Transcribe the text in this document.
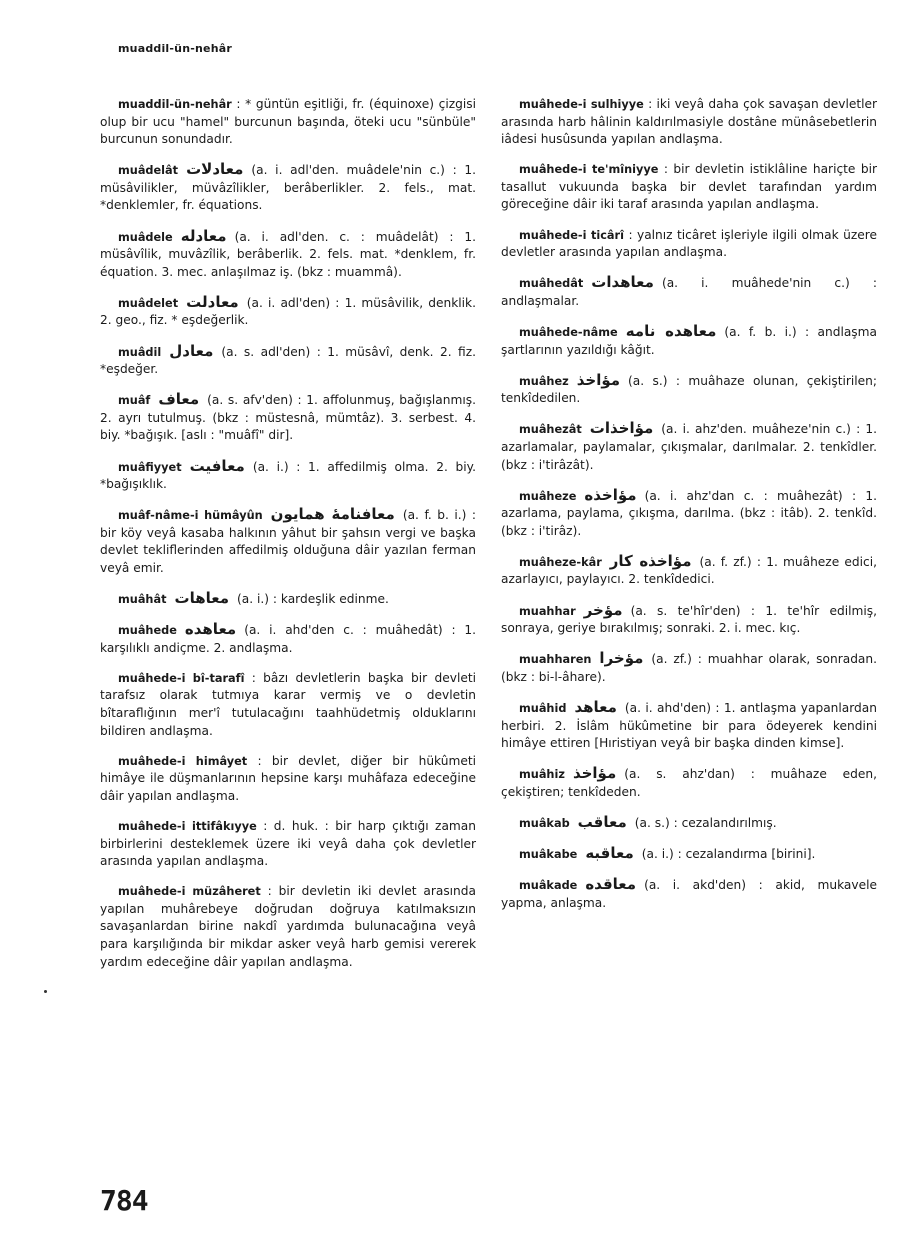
muaddil-ün-nehâr

muaddil-ün-nehâr : * güntün eşitliği, fr. (équinoxe) çizgisi olup bir ucu "hamel" burcunun başında, öteki ucu "sünbüle" burcunun sonundadır.

muâdelât معادلات (a. i. adl'den. muâdele'nin c.) : 1. müsâvilikler, müvâzîlikler, berâberlikler. 2. fels., mat. *denklemler, fr. équations.

muâdele معادله (a. i. adl'den. c. : muâdelât) : 1. müsâvîlik, muvâzîlik, berâberlik. 2. fels. mat. *denklem, fr. équation. 3. mec. anlaşılmaz iş. (bkz : muammâ).

muâdelet معادلت (a. i. adl'den) : 1. müsâvilik, denklik. 2. geo., fiz. * eşdeğerlik.

muâdil معادل (a. s. adl'den) : 1. müsâvî, denk. 2. fiz. *eşdeğer.

muâf معاف (a. s. afv'den) : 1. affolunmuş, bağışlanmış. 2. ayrı tutulmuş. (bkz : müstesnâ, mümtâz). 3. serbest. 4. biy. *bağışık. [aslı : "muâfî" dir].

muâfiyyet معافيت (a. i.) : 1. affedilmiş olma. 2. biy. *bağışıklık.

muâf-nâme-i hümâyûn معافنامهٔ همايون (a. f. b. i.) : bir köy veyâ kasaba halkının yâhut bir şahsın vergi ve başka devlet tekliflerinden affedilmiş olduğuna dâir yazılan ferman veyâ emir.

muâhât معاهات (a. i.) : kardeşlik edinme.

muâhede معاهده (a. i. ahd'den c. : muâhedât) : 1. karşılıklı andiçme. 2. andlaşma.

muâhede-i bî-tarafî : bâzı devletlerin başka bir devleti tarafsız olarak tutmıya karar vermiş ve o devletin bîtaraflığının mer'î tutulacağını taahhüdetmiş olduklarını bildiren andlaşma.

muâhede-i himâyet : bir devlet, diğer bir hükûmeti himâye ile düşmanlarının hepsine karşı muhâfaza edeceğine dâir yapılan andlaşma.

muâhede-i ittifâkıyye : d. huk. : bir harp çıktığı zaman birbirlerini desteklemek üzere iki veyâ daha çok devletler arasında yapılan andlaşma.

muâhede-i müzâheret : bir devletin iki devlet arasında yapılan muhârebeye doğrudan doğruya katılmaksızın savaşanlardan birine nakdî yardımda bulunacağına veyâ para karşılığında bir mikdar asker veyâ harb gemisi vererek yardım edeceğine dâir yapılan andlaşma.

muâhede-i sulhiyye : iki veyâ daha çok savaşan devletler arasında harb hâlinin kaldırılmasiyle dostâne münâsebetlerin iâdesi husûsunda yapılan andlaşma.

muâhede-i te'mîniyye : bir devletin istiklâline hariçte bir tasallut vukuunda başka bir devlet tarafından yardım göreceğine dâir iki taraf arasında yapılan andlaşma.

muâhede-i ticârî : yalnız ticâret işleriyle ilgili olmak üzere devletler arasında yapılan andlaşma.

muâhedât معاهدات (a. i. muâhede'nin c.) : andlaşmalar.

muâhede-nâme معاهده نامه (a. f. b. i.) : andlaşma şartlarının yazıldığı kâğıt.

muâhez مؤاخذ (a. s.) : muâhaze olunan, çekiştirilen; tenkîdedilen.

muâhezât مؤاخذات (a. i. ahz'den. muâheze'nin c.) : 1. azarlamalar, paylamalar, çıkışmalar, darılmalar. 2. tenkîdler. (bkz : i'tirâzât).

muâheze مؤاخذه (a. i. ahz'dan c. : muâhezât) : 1. azarlama, paylama, çıkışma, darılma. (bkz : itâb). 2. tenkîd. (bkz : i'tirâz).

muâheze-kâr مؤاخذه كار (a. f. zf.) : 1. muâheze edici, azarlayıcı, paylayıcı. 2. tenkîdedici.

muahhar مؤخر (a. s. te'hîr'den) : 1. te'hîr edilmiş, sonraya, geriye bırakılmış; sonraki. 2. i. mec. kıç.

muahharen مؤخرا (a. zf.) : muahhar olarak, sonradan. (bkz : bi-l-âhare).

muâhid معاهد (a. i. ahd'den) : 1. antlaşma yapanlardan herbiri. 2. İslâm hükûmetine bir para ödeyerek kendini himâye ettiren [Hıristiyan veyâ bir başka dinden kimse].

muâhiz مؤاخذ (a. s. ahz'dan) : muâhaze eden, çekiştiren; tenkîdeden.

muâkab معاقب (a. s.) : cezalandırılmış.

muâkabe معاقبه (a. i.) : cezalandırma [birini].

muâkade معاقده (a. i. akd'den) : akid, mukavele yapma, anlaşma.

784
